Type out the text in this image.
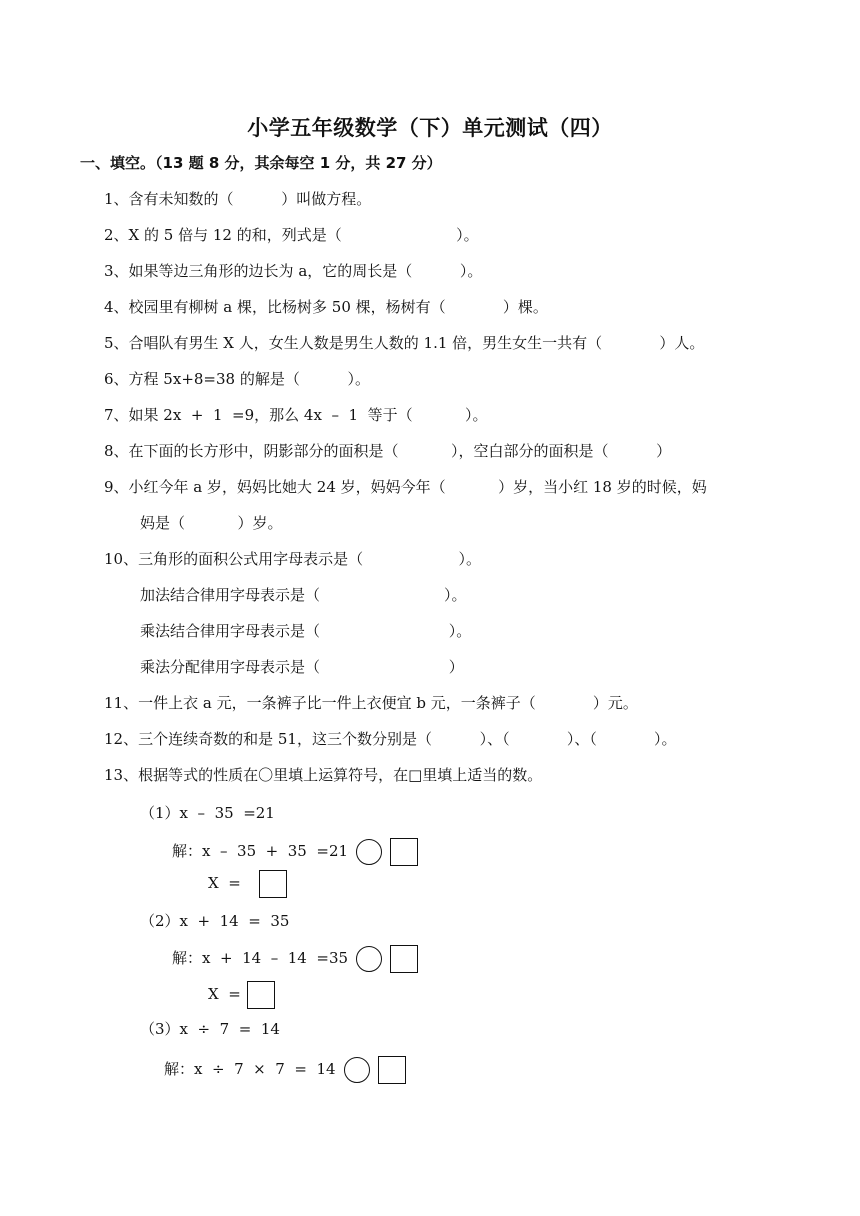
小学五年级数学（下）单元测试（四）
一、填空。（13 题 8 分，其余每空 1 分，共 27 分）
1、含有未知数的（          ）叫做方程。
2、X 的 5 倍与 12 的和，列式是（                        ）。
3、如果等边三角形的边长为 a，它的周长是（          ）。
4、校园里有柳树 a 棵，比杨树多 50 棵，杨树有（            ）棵。
5、合唱队有男生 X 人，女生人数是男生人数的 1.1 倍，男生女生一共有（            ）人。
6、方程 5x+8=38 的解是（          ）。
7、如果 2x  +  1  =9，那么 4x  –  1  等于（           ）。
8、在下面的长方形中，阴影部分的面积是（           ），空白部分的面积是（          ）
9、小红今年 a 岁，妈妈比她大 24 岁，妈妈今年（           ）岁，当小红 18 岁的时候，妈
妈是（           ）岁。
10、三角形的面积公式用字母表示是（                    ）。
加法结合律用字母表示是（                          ）。
乘法结合律用字母表示是（                           ）。
乘法分配律用字母表示是（                           ）
11、一件上衣 a 元，一条裤子比一件上衣便宜 b 元，一条裤子（            ）元。
12、三个连续奇数的和是 51，这三个数分别是（          ）、（            ）、（            ）。
13、根据等式的性质在〇里填上运算符号，在□里填上适当的数。
（1）x  –  35  =21
解：x  –  35  +  35  =21
X  =
（2）x  +  14  =  35
解：x  +  14  –  14  =35
X  =
（3）x  ÷  7  =  14
解：x  ÷  7  ×  7  =  14
